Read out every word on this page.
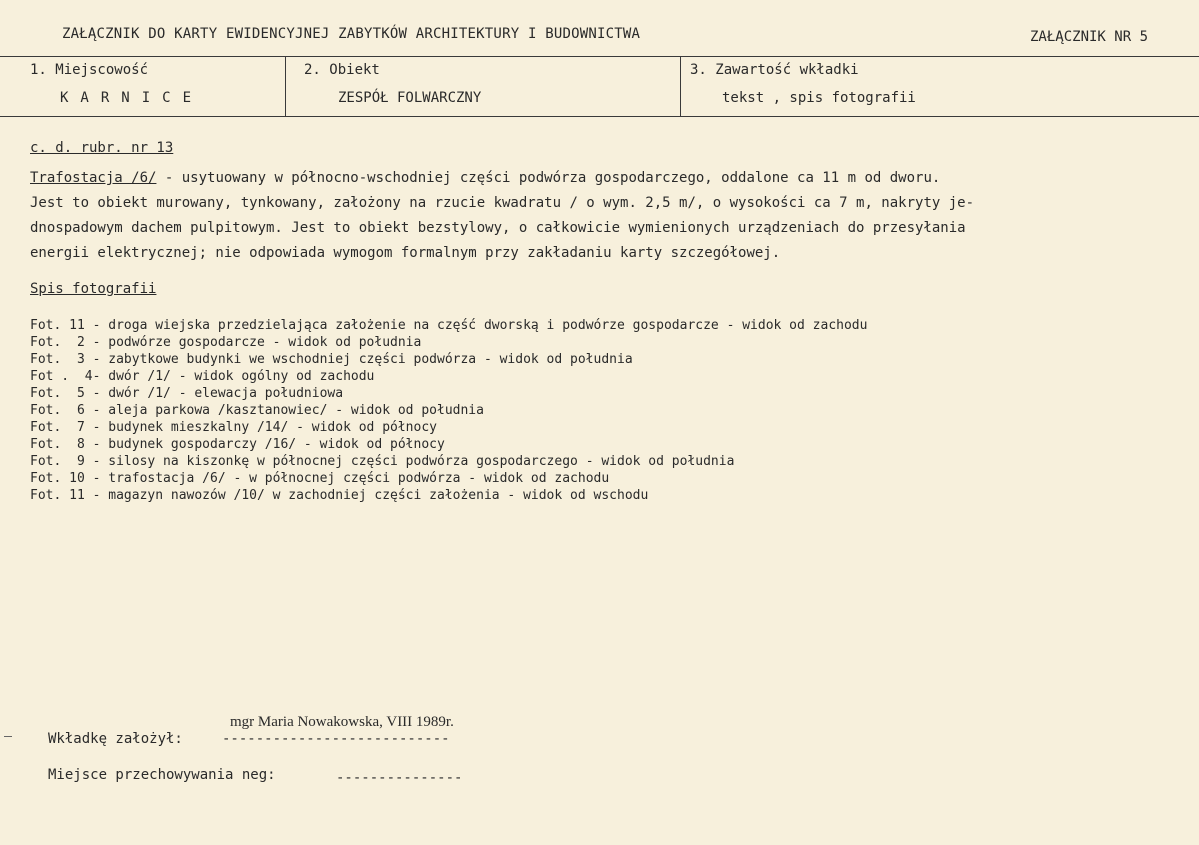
ZAŁĄCZNIK DO KARTY EWIDENCYJNEJ ZABYTKÓW ARCHITEKTURY I BUDOWNICTWA	ZAŁĄCZNIK NR 5
1. Miejscowość
KARNICE
2. Obiekt
ZESPÓŁ FOLWARCZNY
3. Zawartość wkładki
tekst , spis fotografii
c. d. rubr. nr 13
Trafostacja /6/ - usytuowany w północno-wschodniej części podwórza gospodarczego, oddalone ca 11 m od dworu.
Jest to obiekt murowany, tynkowany, założony na rzucie kwadratu / o wym. 2,5 m/, o wysokości ca 7 m, nakryty je-
dnospadowym dachem pulpitowym. Jest to obiekt bezstylowy, o całkowicie wymienionych urządzeniach do przesyłania
energii elektrycznej; nie odpowiada wymogom formalnym przy zakładaniu karty szczegółowej.
Spis fotografii
Fot. 11 - droga wiejska przedzielająca założenie na część dworską i podwórze gospodarcze - widok od zachodu
Fot.  2 - podwórze gospodarcze - widok od południa
Fot.  3 - zabytkowe budynki we wschodniej części podwórza - widok od południa
Fot .  4- dwór /1/ - widok ogólny od zachodu
Fot.  5 - dwór /1/ - elewacja południowa
Fot.  6 - aleja parkowa /kasztanowiec/ - widok od południa
Fot.  7 - budynek mieszkalny /14/ - widok od północy
Fot.  8 - budynek gospodarczy /16/ - widok od północy
Fot.  9 - silosy na kiszonkę w północnej części podwórza gospodarczego - widok od południa
Fot. 10 - trafostacja /6/ - w północnej części podwórza - widok od zachodu
Fot. 11 - magazyn nawozów /10/ w zachodniej części założenia - widok od wschodu
mgr Maria Nowakowska, VIII 1989r.
Wkładkę założył:	---------------------------
Miejsce przechowywania neg:	---------------
